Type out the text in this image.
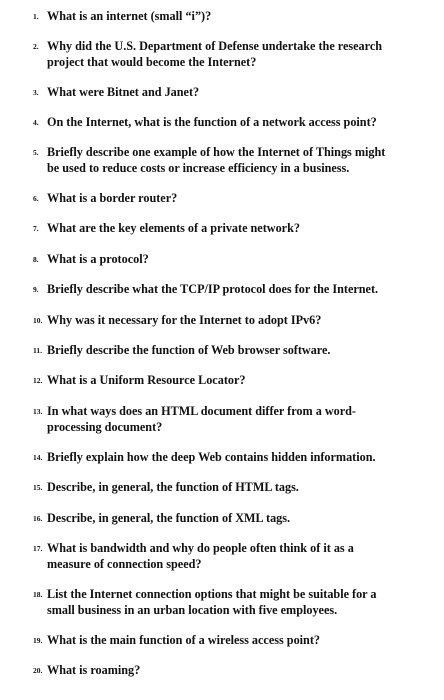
1. What is an internet (small “i”)?
2. Why did the U.S. Department of Defense undertake the research
project that would become the Internet?
3. What were Bitnet and Janet?
4. On the Internet, what is the function of a network access point?
5. Briefly describe one example of how the Internet of Things might
be used to reduce costs or increase efficiency in a business.
6. What is a border router?
7. What are the key elements of a private network?
8. What is a protocol?
9. Briefly describe what the TCP/IP protocol does for the Internet.
10. Why was it necessary for the Internet to adopt IPv6?
11. Briefly describe the function of Web browser software.
12. What is a Uniform Resource Locator?
13. In what ways does an HTML document differ from a word-
processing document?
14. Briefly explain how the deep Web contains hidden information.
15. Describe, in general, the function of HTML tags.
16. Describe, in general, the function of XML tags.
17. What is bandwidth and why do people often think of it as a
measure of connection speed?
18. List the Internet connection options that might be suitable for a
small business in an urban location with five employees.
19. What is the main function of a wireless access point?
20. What is roaming?
